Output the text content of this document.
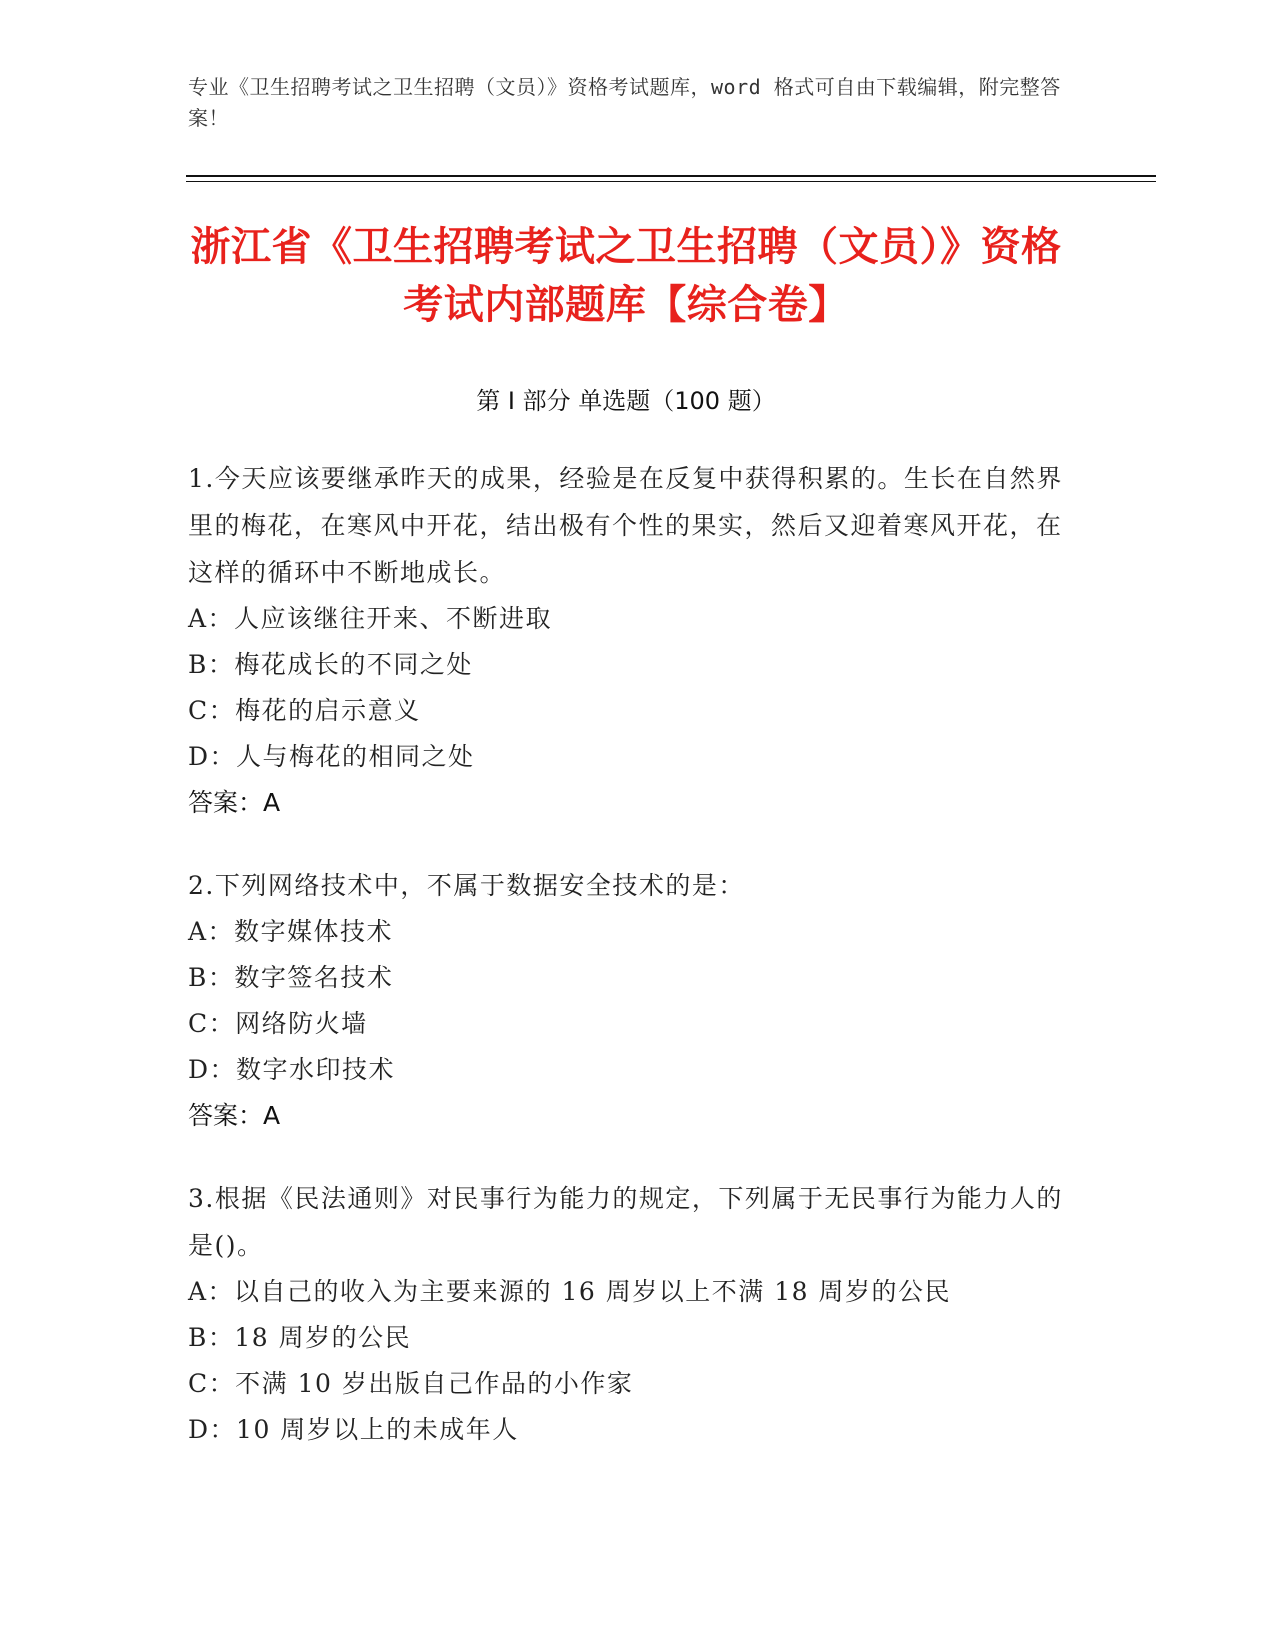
专业《卫生招聘考试之卫生招聘（文员）》资格考试题库，word 格式可自由下载编辑，附完整答案！
浙江省《卫生招聘考试之卫生招聘（文员）》资格考试内部题库【综合卷】
第 I 部分 单选题（100 题）

1.今天应该要继承昨天的成果，经验是在反复中获得积累的。生长在自然界里的梅花，在寒风中开花，结出极有个性的果实，然后又迎着寒风开花，在这样的循环中不断地成长。

A：人应该继往开来、不断进取

B：梅花成长的不同之处

C：梅花的启示意义

D：人与梅花的相同之处

答案：A

2.下列网络技术中，不属于数据安全技术的是：

A：数字媒体技术

B：数字签名技术

C：网络防火墙

D：数字水印技术

答案：A

3.根据《民法通则》对民事行为能力的规定，下列属于无民事行为能力人的是()。

A：以自己的收入为主要来源的 16 周岁以上不满 18 周岁的公民

B：18 周岁的公民

C：不满 10 岁出版自己作品的小作家

D：10 周岁以上的未成年人
